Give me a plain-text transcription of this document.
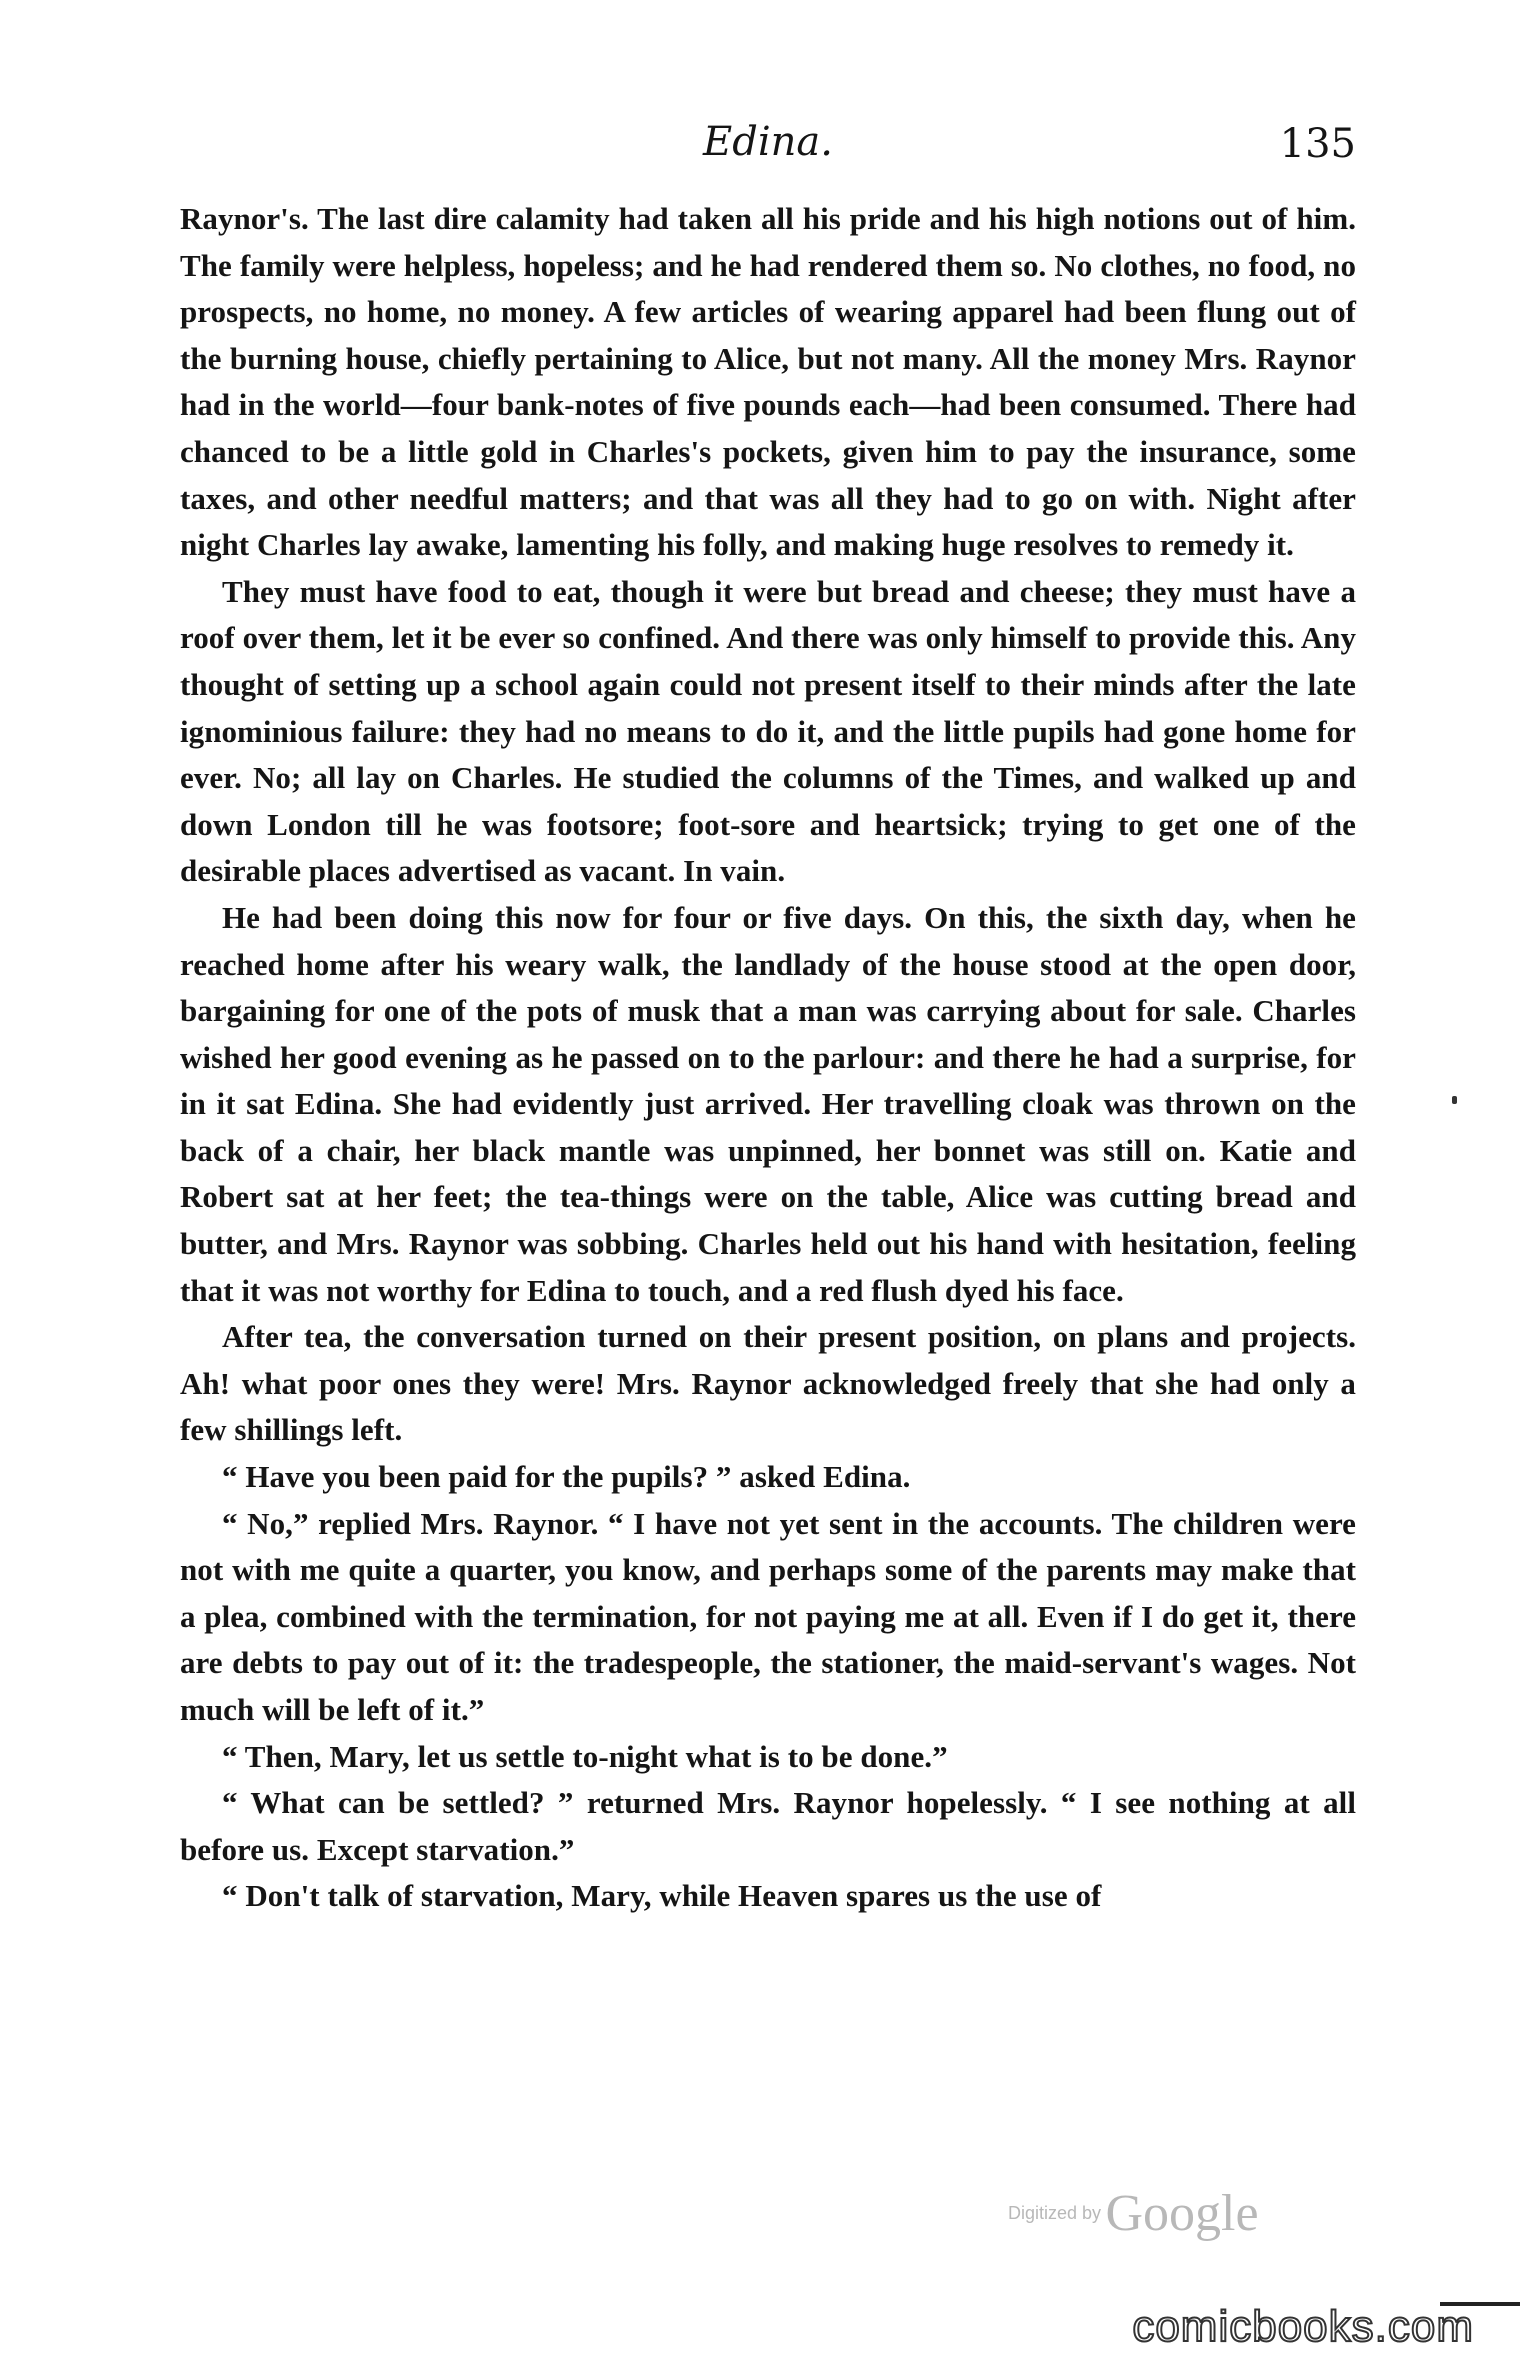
Edina.	135

Raynor's. The last dire calamity had taken all his pride and his high notions out of him. The family were helpless, hopeless; and he had rendered them so. No clothes, no food, no prospects, no home, no money. A few articles of wearing apparel had been flung out of the burning house, chiefly pertaining to Alice, but not many. All the money Mrs. Raynor had in the world—four bank-notes of five pounds each—had been consumed. There had chanced to be a little gold in Charles's pockets, given him to pay the insurance, some taxes, and other needful matters; and that was all they had to go on with. Night after night Charles lay awake, lamenting his folly, and making huge resolves to remedy it.

They must have food to eat, though it were but bread and cheese; they must have a roof over them, let it be ever so confined. And there was only himself to provide this. Any thought of setting up a school again could not present itself to their minds after the late ignominious failure: they had no means to do it, and the little pupils had gone home for ever. No; all lay on Charles. He studied the columns of the Times, and walked up and down London till he was footsore; foot-sore and heartsick; trying to get one of the desirable places advertised as vacant. In vain.

He had been doing this now for four or five days. On this, the sixth day, when he reached home after his weary walk, the landlady of the house stood at the open door, bargaining for one of the pots of musk that a man was carrying about for sale. Charles wished her good evening as he passed on to the parlour: and there he had a surprise, for in it sat Edina. She had evidently just arrived. Her travelling cloak was thrown on the back of a chair, her black mantle was unpinned, her bonnet was still on. Katie and Robert sat at her feet; the tea-things were on the table, Alice was cutting bread and butter, and Mrs. Raynor was sobbing. Charles held out his hand with hesitation, feeling that it was not worthy for Edina to touch, and a red flush dyed his face.

After tea, the conversation turned on their present position, on plans and projects. Ah! what poor ones they were! Mrs. Raynor acknowledged freely that she had only a few shillings left.

“ Have you been paid for the pupils? ” asked Edina.

“ No,” replied Mrs. Raynor. “ I have not yet sent in the accounts. The children were not with me quite a quarter, you know, and perhaps some of the parents may make that a plea, combined with the termination, for not paying me at all. Even if I do get it, there are debts to pay out of it: the tradespeople, the stationer, the maid-servant's wages. Not much will be left of it.”

“ Then, Mary, let us settle to-night what is to be done.”

“ What can be settled? ” returned Mrs. Raynor hopelessly. “ I see nothing at all before us. Except starvation.”

“ Don't talk of starvation, Mary, while Heaven spares us the use of

Digitized by Google
comicbooks.com
